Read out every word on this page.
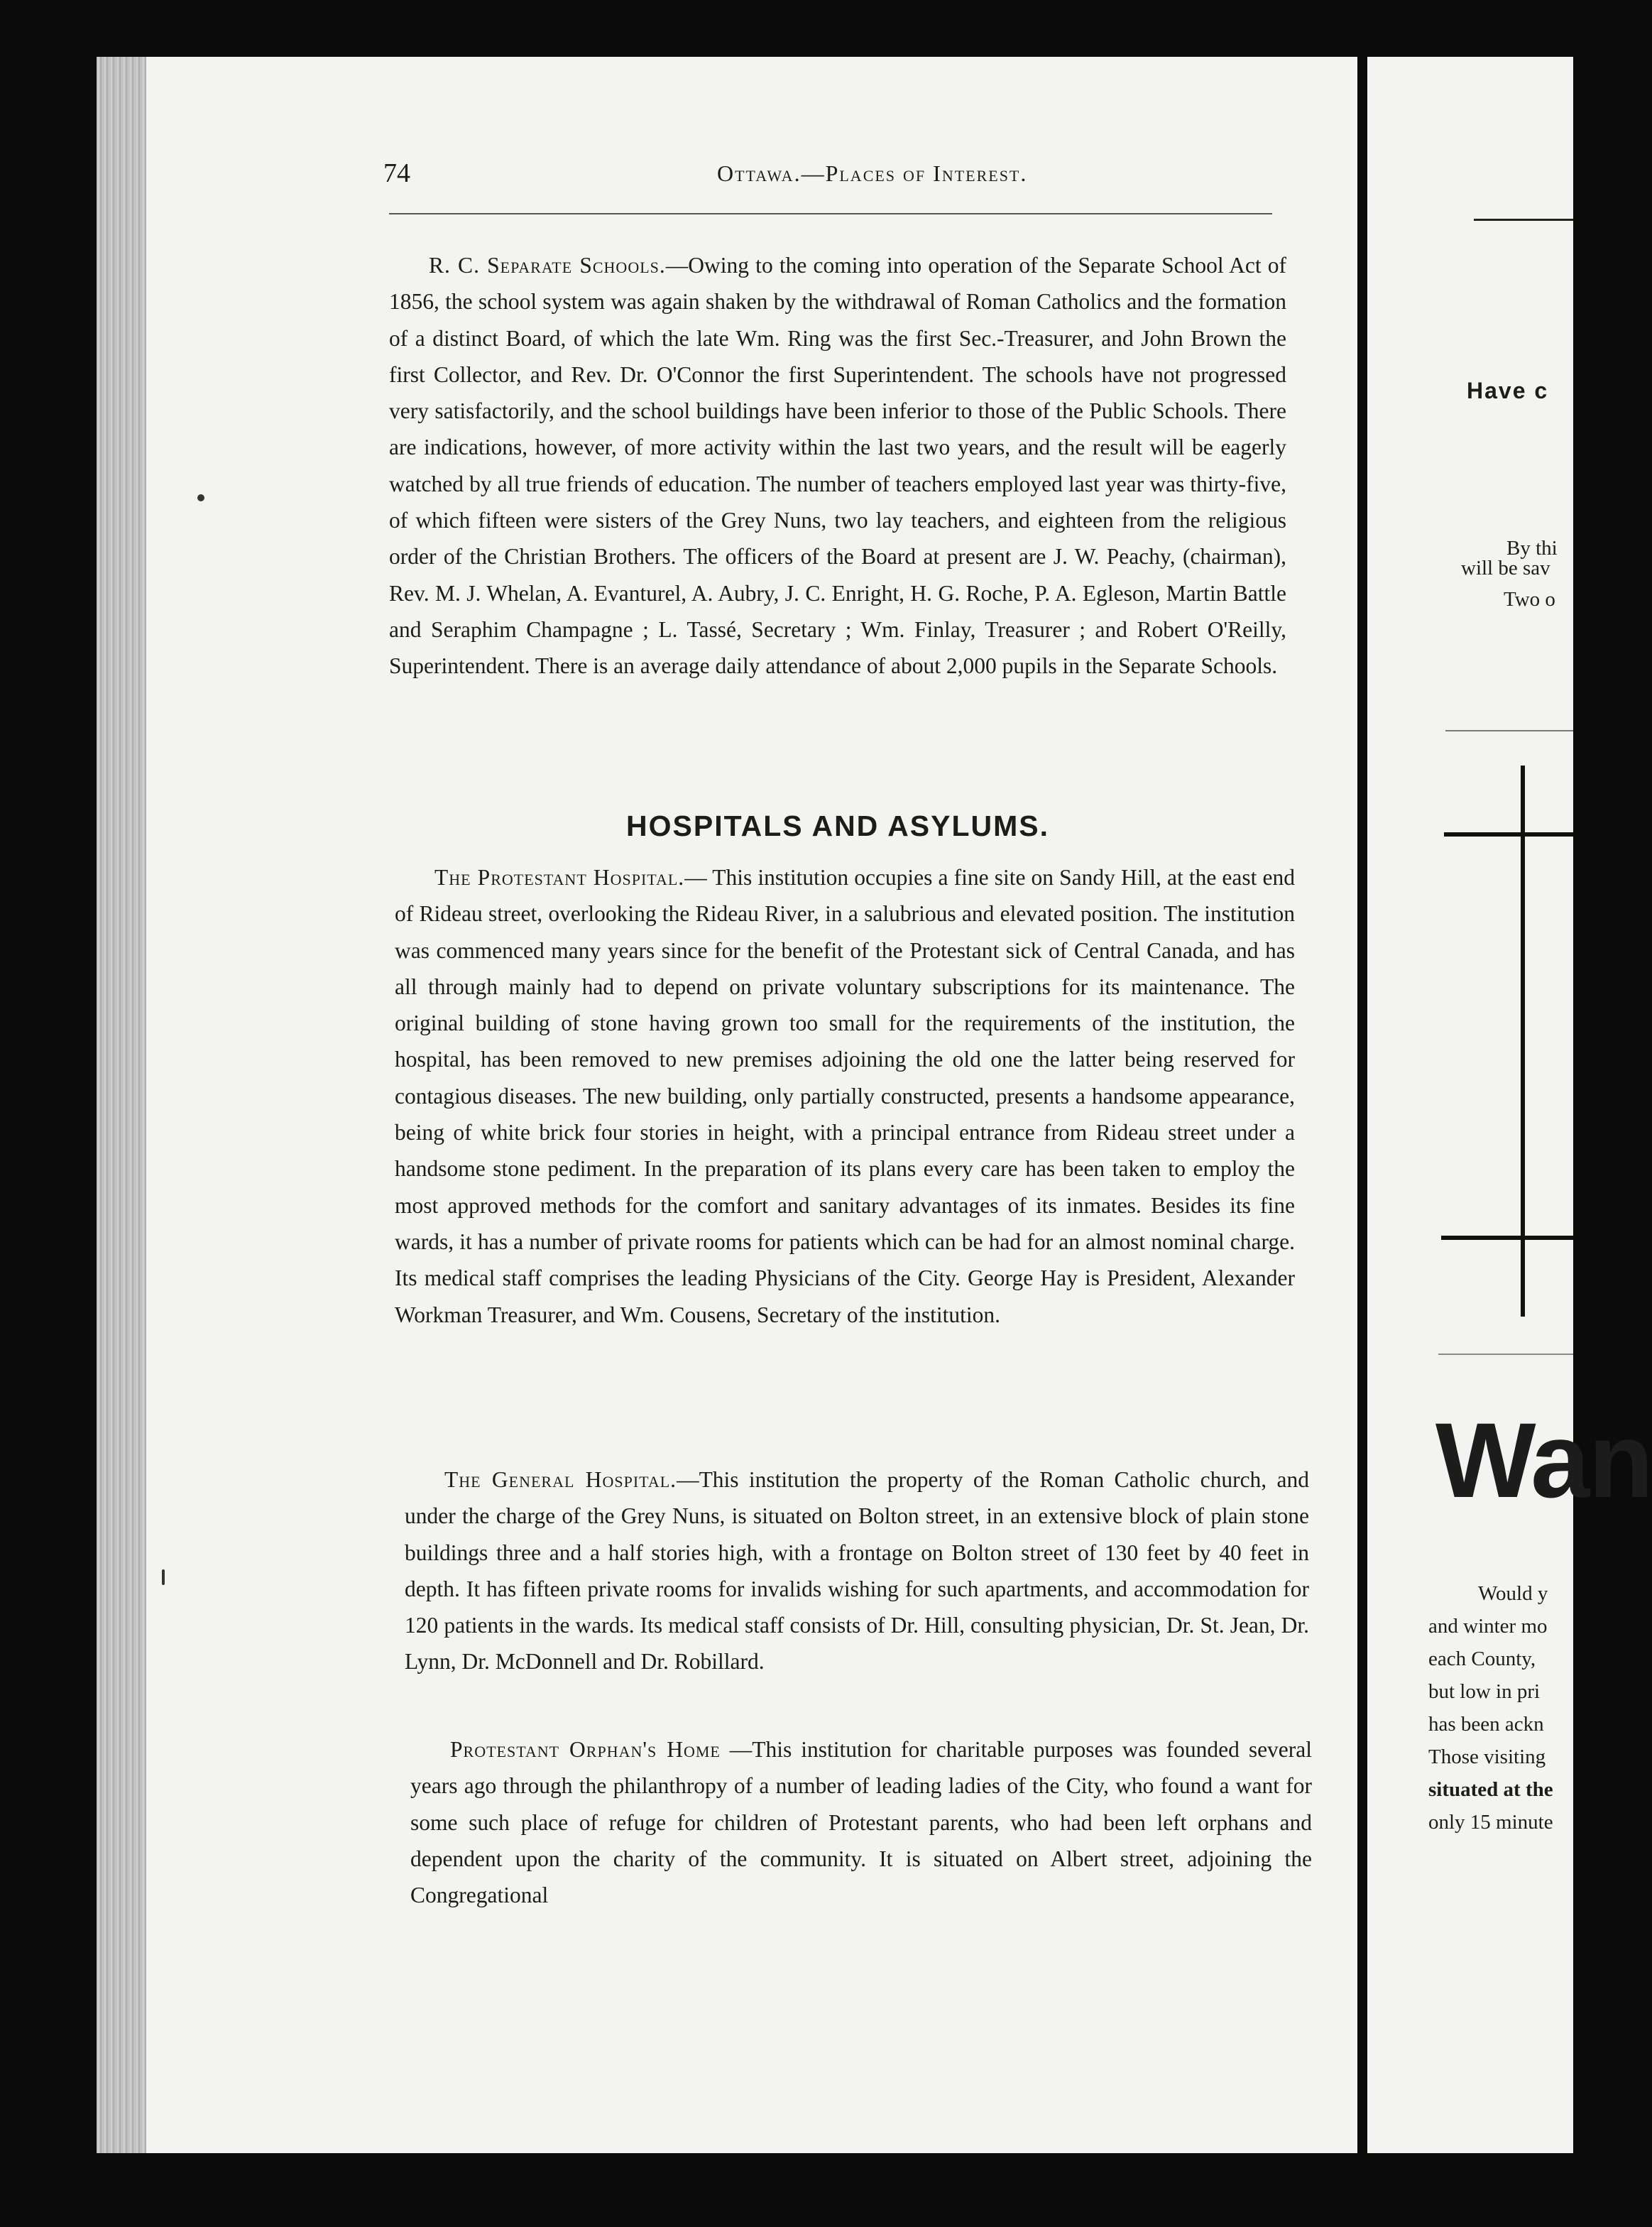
Have c
By thi
will be sav
Two o
Wan
Would y
and winter mo
each County,
but low in pri
has been ackn
Those visiting
situated at the
only 15 minute
74	Ottawa.—Places of Interest.

R. C. Separate Schools.—Owing to the coming into operation of the Separate School Act of 1856, the school system was again shaken by the withdrawal of Roman Catholics and the formation of a distinct Board, of which the late Wm. Ring was the first Sec.-Treasurer, and John Brown the first Collector, and Rev. Dr. O'Connor the first Superintendent. The schools have not progressed very satisfactorily, and the school buildings have been inferior to those of the Public Schools. There are indications, however, of more activity within the last two years, and the result will be eagerly watched by all true friends of education. The number of teachers employed last year was thirty-five, of which fifteen were sisters of the Grey Nuns, two lay teachers, and eighteen from the religious order of the Christian Brothers. The officers of the Board at present are J. W. Peachy, (chairman), Rev. M. J. Whelan, A. Evanturel, A. Aubry, J. C. Enright, H. G. Roche, P. A. Egleson, Martin Battle and Seraphim Champagne ; L. Tassé, Secretary ; Wm. Finlay, Treasurer ; and Robert O'Reilly, Superintendent. There is an average daily attendance of about 2,000 pupils in the Separate Schools.

HOSPITALS AND ASYLUMS.

The Protestant Hospital.— This institution occupies a fine site on Sandy Hill, at the east end of Rideau street, overlooking the Rideau River, in a salubrious and elevated position. The institution was commenced many years since for the benefit of the Protestant sick of Central Canada, and has all through mainly had to depend on private voluntary subscriptions for its maintenance. The original building of stone having grown too small for the requirements of the institution, the hospital, has been removed to new premises adjoining the old one the latter being reserved for contagious diseases. The new building, only partially constructed, presents a handsome appearance, being of white brick four stories in height, with a principal entrance from Rideau street under a handsome stone pediment. In the preparation of its plans every care has been taken to employ the most approved methods for the comfort and sanitary advantages of its inmates. Besides its fine wards, it has a number of private rooms for patients which can be had for an almost nominal charge. Its medical staff comprises the leading Physicians of the City. George Hay is President, Alexander Workman Treasurer, and Wm. Cousens, Secretary of the institution.

The General Hospital.—This institution the property of the Roman Catholic church, and under the charge of the Grey Nuns, is situated on Bolton street, in an extensive block of plain stone buildings three and a half stories high, with a frontage on Bolton street of 130 feet by 40 feet in depth. It has fifteen private rooms for invalids wishing for such apartments, and accommodation for 120 patients in the wards. Its medical staff consists of Dr. Hill, consulting physician, Dr. St. Jean, Dr. Lynn, Dr. McDonnell and Dr. Robillard.

Protestant Orphan's Home —This institution for charitable purposes was founded several years ago through the philanthropy of a number of leading ladies of the City, who found a want for some such place of refuge for children of Protestant parents, who had been left orphans and dependent upon the charity of the community. It is situated on Albert street, adjoining the Congregational
